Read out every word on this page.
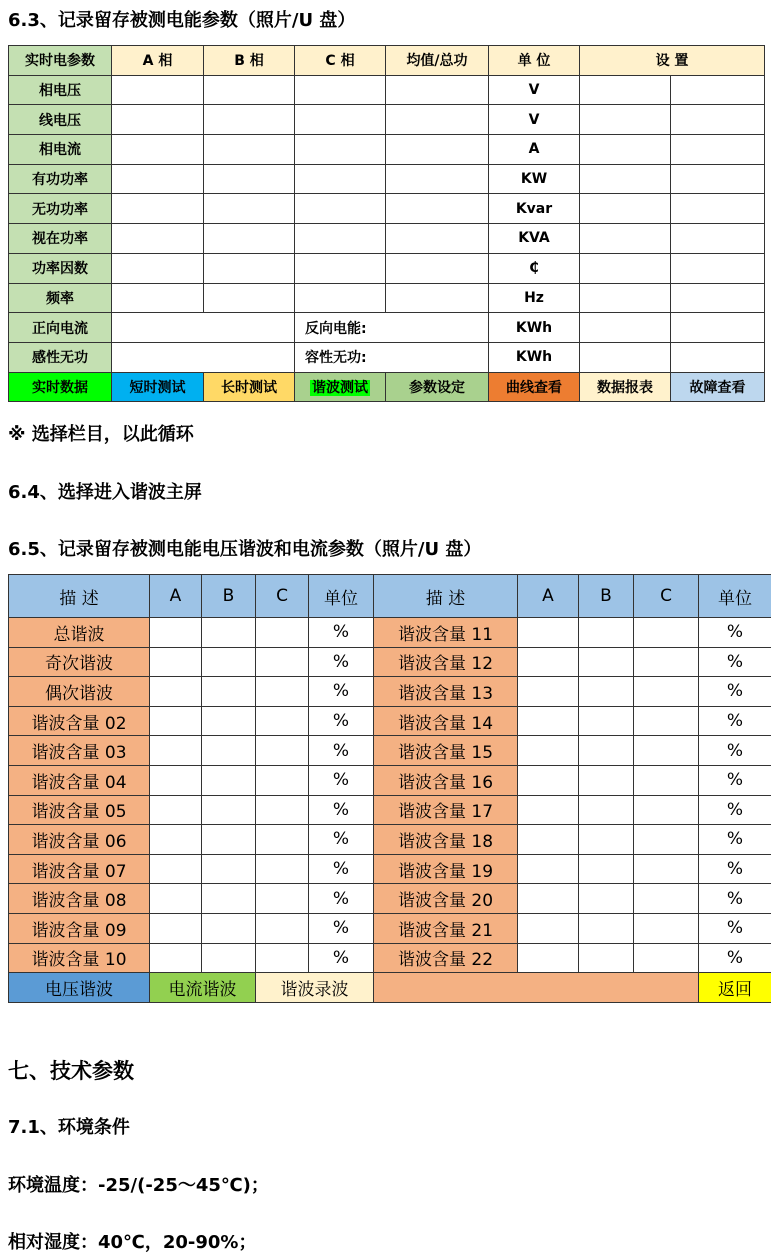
6.3、记录留存被测电能参数（照片/U 盘）
实时电参数	A 相	B 相	C 相	均值/总功	单 位	设 置	
相电压					V		
线电压					V		
相电流					A		
有功功率					KW		
无功功率					Kvar		
视在功率					KVA		
功率因数					₵		
频率					Hz		
正向电流			反向电能:		KWh		
感性无功			容性无功:		KWh		
实时数据	短时测试	长时测试	谐波测试	参数设定	曲线查看	数据报表	故障查看
※ 选择栏目，以此循环
6.4、选择进入谐波主屏
6.5、记录留存被测电能电压谐波和电流参数（照片/U 盘）
描 述	A	B	C	单位	描 述	A	B	C	单位
总谐波				%	谐波含量 11				%
奇次谐波				%	谐波含量 12				%
偶次谐波				%	谐波含量 13				%
谐波含量 02				%	谐波含量 14				%
谐波含量 03				%	谐波含量 15				%
谐波含量 04				%	谐波含量 16				%
谐波含量 05				%	谐波含量 17				%
谐波含量 06				%	谐波含量 18				%
谐波含量 07				%	谐波含量 19				%
谐波含量 08				%	谐波含量 20				%
谐波含量 09				%	谐波含量 21				%
谐波含量 10				%	谐波含量 22				%
电压谐波	电流谐波		谐波录波						返回
七、技术参数
7.1、环境条件
环境温度：-25/(-25～45℃)；
相对湿度：40℃，20-90%；
